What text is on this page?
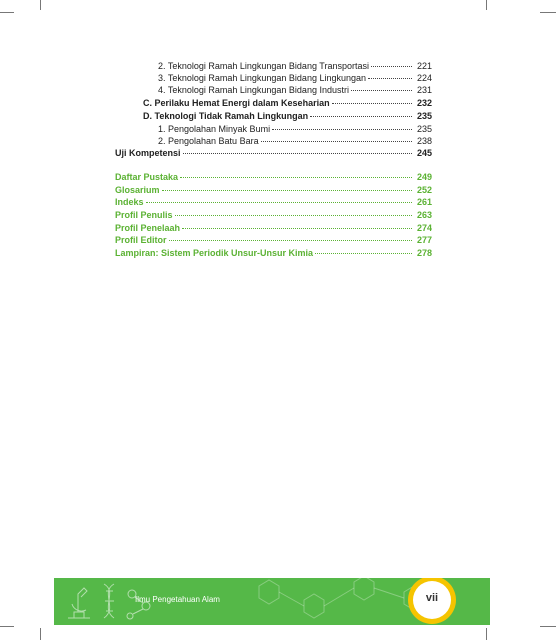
2. Teknologi Ramah Lingkungan Bidang Transportasi	221
3. Teknologi Ramah Lingkungan Bidang Lingkungan	224
4. Teknologi Ramah Lingkungan Bidang Industri	231
C. Perilaku Hemat Energi dalam Keseharian	232
D. Teknologi Tidak Ramah Lingkungan	235
1. Pengolahan Minyak Bumi	235
2. Pengolahan Batu Bara	238
Uji Kompetensi	245
Daftar Pustaka	249
Glosarium	252
Indeks	261
Profil Penulis	263
Profil Penelaah	274
Profil Editor	277
Lampiran: Sistem Periodik Unsur-Unsur Kimia	278
Ilmu Pengetahuan Alam	vii
